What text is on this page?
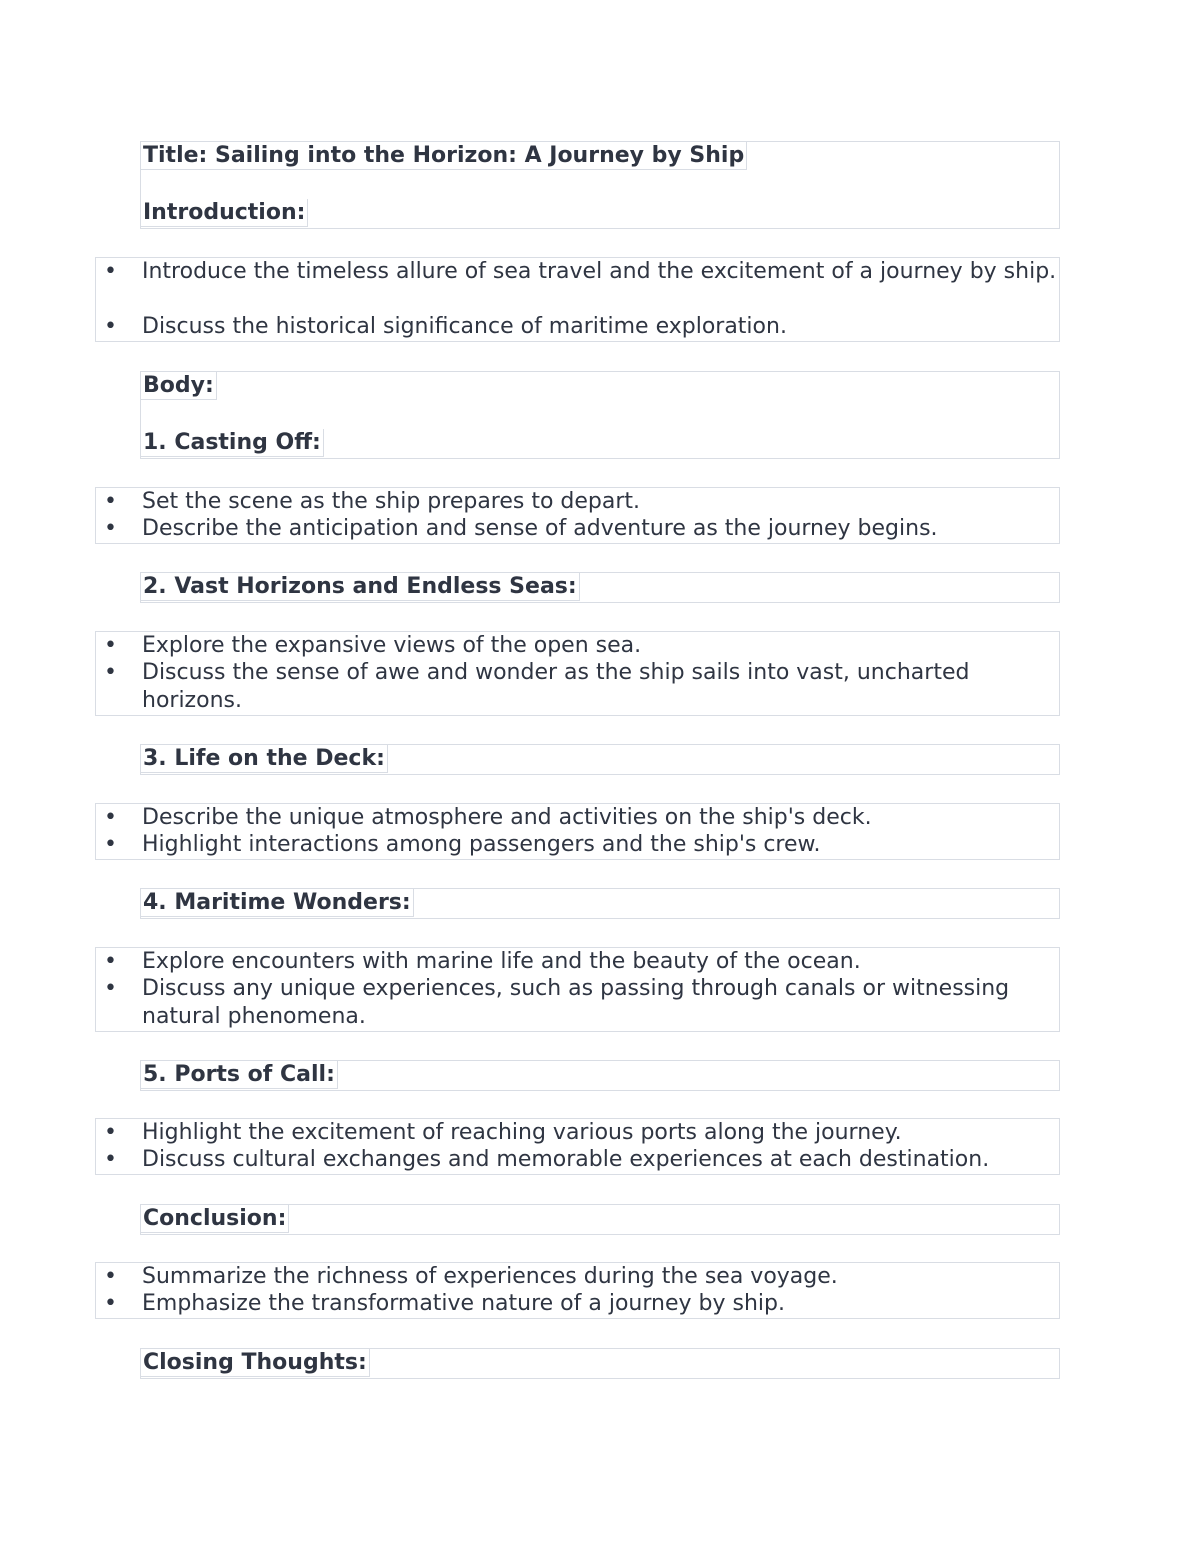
Title: Sailing into the Horizon: A Journey by Ship
Introduction:
• Introduce the timeless allure of sea travel and the excitement of a journey by ship.
• Discuss the historical significance of maritime exploration.
Body:
1. Casting Off:
• Set the scene as the ship prepares to depart.
• Describe the anticipation and sense of adventure as the journey begins.
2. Vast Horizons and Endless Seas:
• Explore the expansive views of the open sea.
• Discuss the sense of awe and wonder as the ship sails into vast, uncharted horizons.
3. Life on the Deck:
• Describe the unique atmosphere and activities on the ship's deck.
• Highlight interactions among passengers and the ship's crew.
4. Maritime Wonders:
• Explore encounters with marine life and the beauty of the ocean.
• Discuss any unique experiences, such as passing through canals or witnessing natural phenomena.
5. Ports of Call:
• Highlight the excitement of reaching various ports along the journey.
• Discuss cultural exchanges and memorable experiences at each destination.
Conclusion:
• Summarize the richness of experiences during the sea voyage.
• Emphasize the transformative nature of a journey by ship.
Closing Thoughts:
